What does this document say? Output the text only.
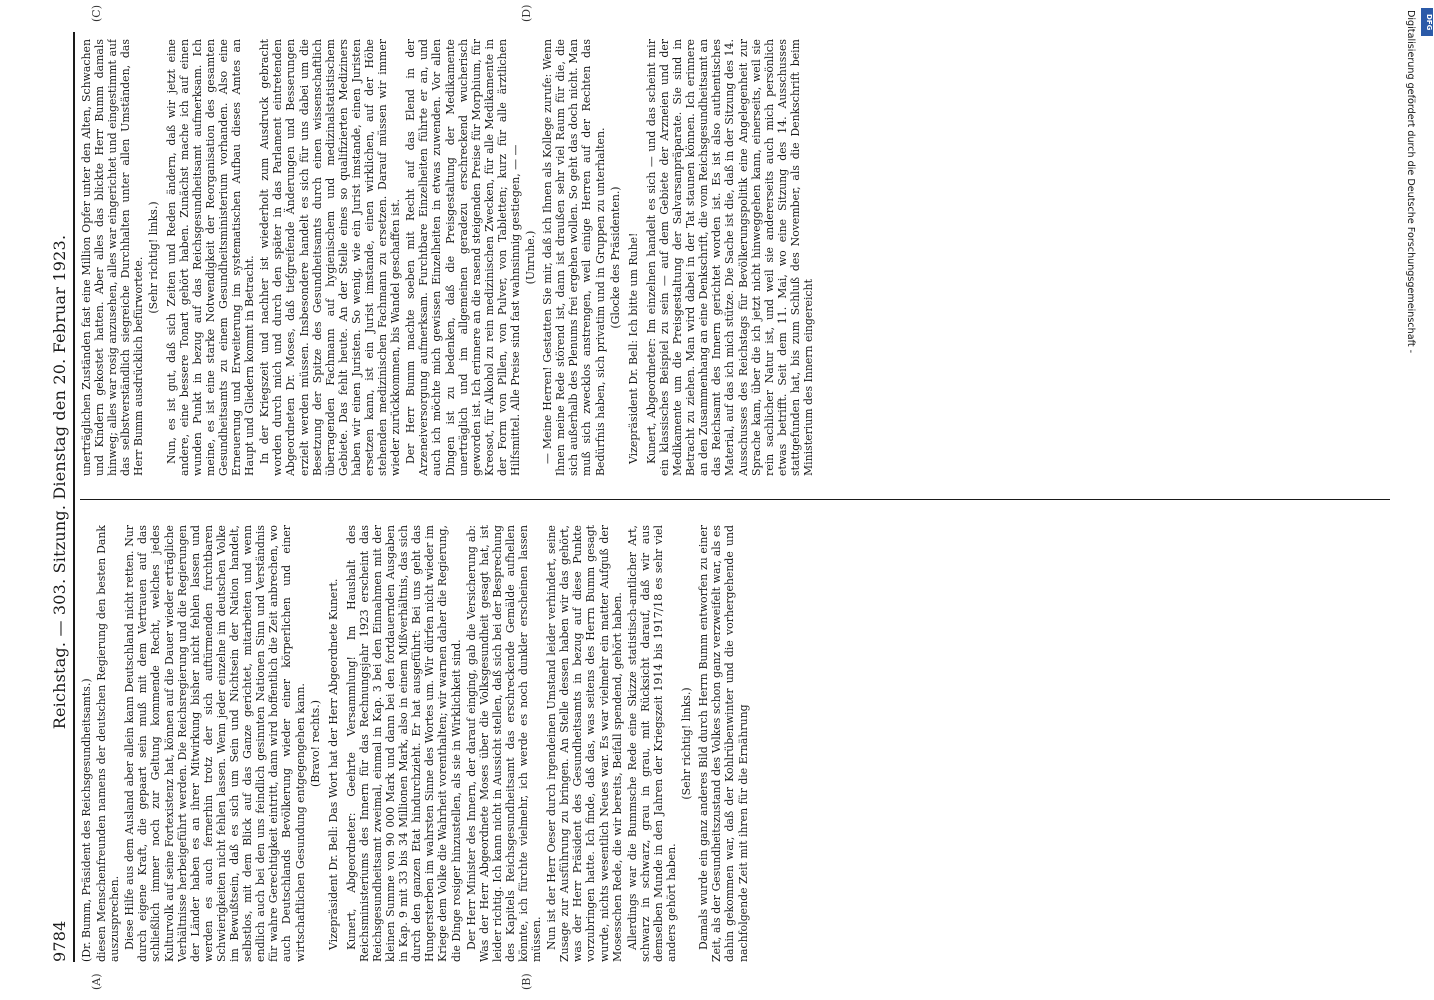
9784
Reichstag. — 303. Sitzung. Dienstag den 20. Februar 1923.
(A)	(B)
(C)	(D)

(Dr. Bumm, Präsident des Reichsgesundheitsamts.) diesen Menschenfreunden namens der deutschen Regierung den besten Dank auszusprechen. Diese Hilfe aus dem Ausland aber allein kann Deutschland nicht retten. Nur durch eigene Kraft, die gepaart sein muß mit dem Vertrauen auf das schließlich immer noch zur Geltung kommende Recht, welches jedes Kulturvolk auf seine Fortexistenz hat, können auf die Dauer wieder erträgliche Verhältnisse herbeigeführt werden. Die Reichsregierung und die Regierungen der Länder haben es an ihrer Mitwirkung bisher nicht fehlen lassen und werden es auch fernerhin trotz der sich auftürmenden furchtbaren Schwierigkeiten nicht fehlen lassen. Wenn jeder einzelne im deutschen Volke im Bewußtsein, daß es sich um Sein und Nichtsein der Nation handelt, selbstlos, mit dem Blick auf das Ganze gerichtet, mitarbeiten und wenn endlich auch bei den uns feindlich gesinnten Nationen Sinn und Verständnis für wahre Gerechtigkeit eintritt, dann wird hoffentlich die Zeit anbrechen, wo auch Deutschlands Bevölkerung wieder einer körperlichen und einer wirtschaftlichen Gesundung entgegengehen kann. (Bravo! rechts.) Vizepräsident Dr. Bell: Das Wort hat der Herr Abgeordnete Kunert. Kunert, Abgeordneter: Geehrte Versammlung! Im Haushalt des Reichsministeriums des Innern für das Rechnungsjahr 1923 erscheint das Reichsgesundheitsamt zweimal, einmal in Kap. 3 bei den Einnahmen mit der kleinen Summe von 90 000 Mark und dann bei den fortdauernden Ausgaben in Kap. 9 mit 33 bis 34 Millionen Mark, also in einem Mißverhältnis, das sich durch den ganzen Etat hindurchzieht. Er hat ausgeführt: Bei uns geht das Hungersterben im wahrsten Sinne des Wortes um. Wir dürfen nicht wieder im Kriege dem Volke die Wahrheit vorenthalten; wir warnen daher die Regierung, die Dinge rosiger hinzustellen, als sie in Wirklichkeit sind. Der Herr Minister des Innern, der darauf einging, gab die Versicherung ab: Was der Herr Abgeordnete Moses über die Volksgesundheit gesagt hat, ist leider richtig. Ich kann nicht in Aussicht stellen, daß sich bei der Besprechung des Kapitels Reichsgesundheitsamt das erschreckende Gemälde aufhellen könnte, ich fürchte vielmehr, ich werde es noch dunkler erscheinen lassen müssen. Nun ist der Herr Oeser durch irgendeinen Umstand leider verhindert, seine Zusage zur Ausführung zu bringen. An Stelle dessen haben wir das gehört, was der Herr Präsident des Gesundheitsamts in bezug auf diese Punkte vorzubringen hatte. Ich finde, daß das, was seitens des Herrn Bumm gesagt wurde, nichts wesentlich Neues war. Es war vielmehr ein matter Aufguß der Mosesschen Rede, die wir bereits, Beifall spendend, gehört haben. Allerdings war die Bummsche Rede eine Skizze statistisch-amtlicher Art, schwarz in schwarz, grau in grau, mit Rücksicht darauf, daß wir aus demselben Munde in den Jahren der Kriegszeit 1914 bis 1917/18 es sehr viel anders gehört haben.

(Sehr richtig! links.) Damals wurde ein ganz anderes Bild durch Herrn Bumm entworfen zu einer Zeit, als der Gesundheitszustand des Volkes schon ganz verzweifelt war, als es dahin gekommen war, daß der Kohlrübenwinter und die vorhergehende und nachfolgende Zeit mit ihren für die Ernährung

unerträglichen Zuständen fast eine Million Opfer unter den Alten, Schwachen und Kindern gekostet hatten. Aber alles das blickte Herr Bumm damals hinweg; alles war rosig anzusehen, alles war eingerichtet und eingestimmt auf das selbstverständlich siegreiche Durchhalten unter allen Umständen, das Herr Bumm ausdrücklich befürwortete. (Sehr richtig! links.) Nun, es ist gut, daß sich Zeiten und Reden ändern, daß wir jetzt eine andere, eine bessere Tonart gehört haben. Zunächst mache ich auf einen wunden Punkt in bezug auf das Reichsgesundheitsamt aufmerksam. Ich meine, es ist eine starke Notwendigkeit der Reorganisation des gesamten Gesundheitsamts zu einem Gesundheitsministerium vorhanden. Also eine Erneuerung und Erweiterung im systematischen Aufbau dieses Amtes an Haupt und Gliedern kommt in Betracht. In der Kriegszeit und nachher ist wiederholt zum Ausdruck gebracht worden durch mich und durch den später in das Parlament eintretenden Abgeordneten Dr. Moses, daß tiefgreifende Änderungen und Besserungen erzielt werden müssen. Insbesondere handelt es sich für uns dabei um die Besetzung der Spitze des Gesundheitsamts durch einen wissenschaftlich überragenden Fachmann auf hygienischem und medizinalstatistischem Gebiete. Das fehlt heute. An der Stelle eines so qualifizierten Mediziners haben wir einen Juristen. So wenig, wie ein Jurist imstande, einen Juristen ersetzen kann, ist ein Jurist imstande, einen wirklichen, auf der Höhe stehenden medizinischen Fachmann zu ersetzen. Darauf müssen wir immer wieder zurückkommen, bis Wandel geschaffen ist. Der Herr Bumm machte soeben mit Recht auf das Elend in der Arzeneiversorgung aufmerksam. Furchtbare Einzelheiten führte er an, und auch ich möchte mich gewissen Einzelheiten in etwas zuwenden. Vor allen Dingen ist zu bedenken, daß die Preisgestaltung der Medikamente unerträglich und im allgemeinen geradezu erschreckend wucherisch geworden ist. Ich erinnere an die rasend steigenden Preise für Morphium, für Kreosot, für Alkohol zu rein medizinischen Zwecken, für alle Medikamente in der Form von Pillen, von Pulver, von Tabletten; kurz für alle ärztlichen Hilfsmittel. Alle Preise sind fast wahnsinnig gestiegen, — — (Unruhe.) — Meine Herren! Gestatten Sie mir, daß ich Ihnen als Kollege zurufe: Wenn Ihnen meine Rede störend ist, dann ist draußen sehr viel Raum für die, die sich außerhalb des Plenums frei ergehen wollen. So geht das doch nicht. Man muß sich zwecklos anstrengen, weil einige Herren auf der Rechten das Bedürfnis haben, sich privatim und in Gruppen zu unterhalten. (Glocke des Präsidenten.) Vizepräsident Dr. Bell: Ich bitte um Ruhe! Kunert, Abgeordneter: Im einzelnen handelt es sich — und das scheint mir ein klassisches Beispiel zu sein — auf dem Gebiete der Arzneien und der Medikamente um die Preisgestaltung der Salvarsanpräparate. Sie sind in Betracht zu ziehen. Man wird dabei in der Tat staunen können. Ich erinnere an den Zusammenhang an eine Denkschrift, die vom Reichsgesundheitsamt an das Reichsamt des Innern gerichtet worden ist. Es ist also authentisches Material, auf das ich mich stütze. Die Sache ist die, daß in der Sitzung des 14. Ausschusses des Reichstags für Bevölkerungspolitik eine Angelegenheit zur Sprache kam, über die ich jetzt nicht hinweggehen kann, einerseits, weil sie rein sachlicher Natur ist, und weil sie andererseits auch mich persönlich etwas betrifft. Seit dem 11. Mai, wo eine Sitzung des 14. Ausschusses stattgefunden hat, bis zum Schluß des November, als die Denkschrift beim Ministerium des Innern eingereicht

Digitalisierung gefördert durch die Deutsche Forschungsgemeinschaft -	DFG
